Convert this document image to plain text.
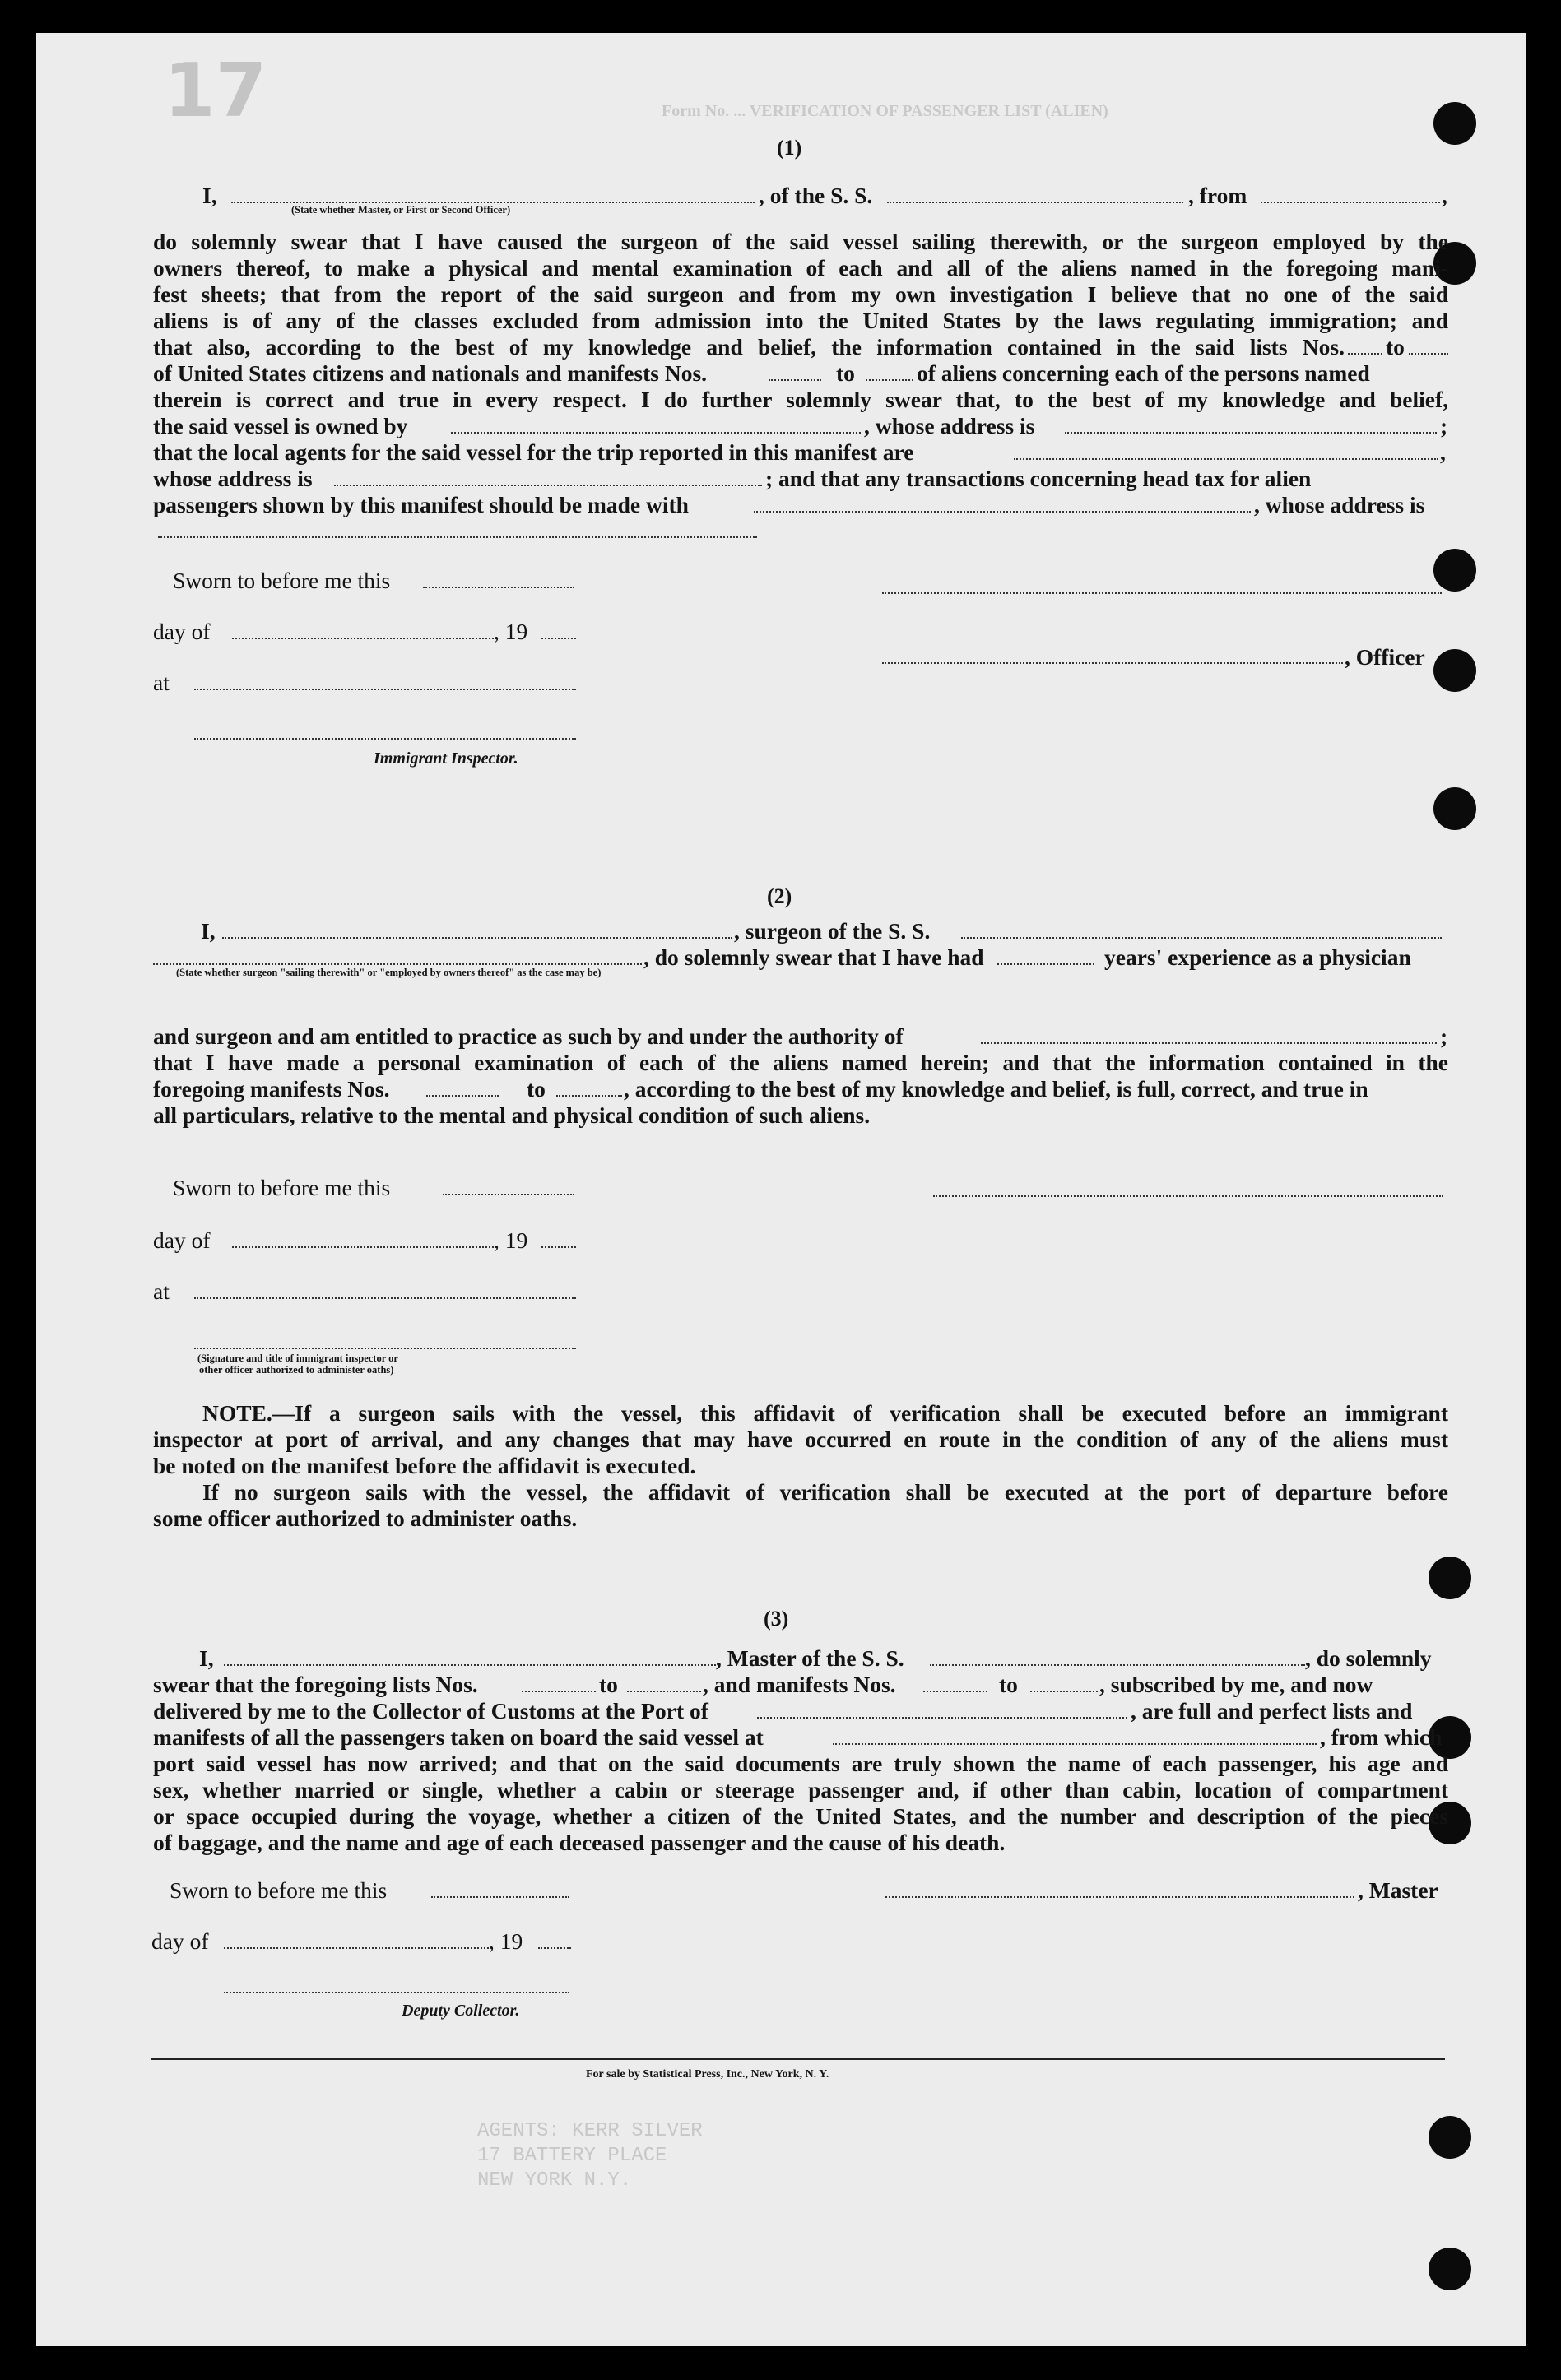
17	Form No. ... VERIFICATION OF PASSENGER LIST (ALIEN)
(1)
I,	, of the S. S.	, from	,
(State whether Master, or First or Second Officer)
do solemnly swear that I have caused the surgeon of the said vessel sailing therewith, or the surgeon employed by the
owners thereof, to make a physical and mental examination of each and all of the aliens named in the foregoing mani-
fest sheets; that from the report of the said surgeon and from my own investigation I believe that no one of the said
aliens is of any of the classes excluded from admission into the United States by the laws regulating immigration; and
that also, according to the best of my knowledge and belief, the information contained in the said lists Nos. to
of United States citizens and nationals and manifests Nos.	to	of aliens concerning each of the persons named
therein is correct and true in every respect. I do further solemnly swear that, to the best of my knowledge and belief,
the said vessel is owned by	, whose address is	;
that the local agents for the said vessel for the trip reported in this manifest are	,
whose address is	; and that any transactions concerning head tax for alien
passengers shown by this manifest should be made with	, whose address is
Sworn to before me this
day of	, 19
at
Immigrant Inspector.
, Officer
(2)
I,	, surgeon of the S. S.
, do solemnly swear that I have had	years' experience as a physician
(State whether surgeon "sailing therewith" or "employed by owners thereof" as the case may be)
and surgeon and am entitled to practice as such by and under the authority of	;
that I have made a personal examination of each of the aliens named herein; and that the information contained in the
foregoing manifests Nos.	to	, according to the best of my knowledge and belief, is full, correct, and true in
all particulars, relative to the mental and physical condition of such aliens.
Sworn to before me this
day of	, 19
at
(Signature and title of immigrant inspector or
other officer authorized to administer oaths)
NOTE.—If a surgeon sails with the vessel, this affidavit of verification shall be executed before an immigrant
inspector at port of arrival, and any changes that may have occurred en route in the condition of any of the aliens must
be noted on the manifest before the affidavit is executed.
If no surgeon sails with the vessel, the affidavit of verification shall be executed at the port of departure before
some officer authorized to administer oaths.
(3)
I,	, Master of the S. S.	, do solemnly
swear that the foregoing lists Nos.	to	, and manifests Nos.	to	, subscribed by me, and now
delivered by me to the Collector of Customs at the Port of	, are full and perfect lists and
manifests of all the passengers taken on board the said vessel at	, from which
port said vessel has now arrived; and that on the said documents are truly shown the name of each passenger, his age and
sex, whether married or single, whether a cabin or steerage passenger and, if other than cabin, location of compartment
or space occupied during the voyage, whether a citizen of the United States, and the number and description of the pieces
of baggage, and the name and age of each deceased passenger and the cause of his death.
Sworn to before me this	, Master
day of	, 19
Deputy Collector.
For sale by Statistical Press, Inc., New York, N. Y.
AGENTS: KERR SILVER
17 BATTERY PLACE
NEW YORK N.Y.
